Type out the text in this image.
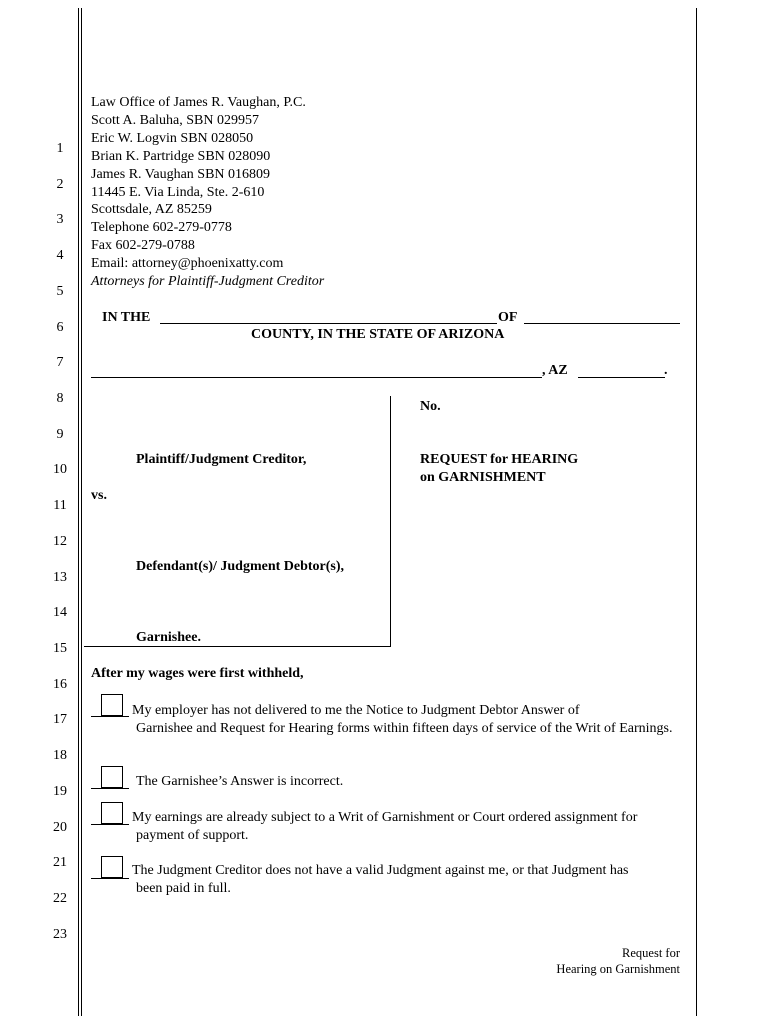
1
2
3
4
5
6
7
8
9
10
11
12
13
14
15
16
17
18
19
20
21
22
23
Law Office of James R. Vaughan, P.C.
Scott A. Baluha, SBN 029957
Eric W. Logvin SBN 028050
Brian K. Partridge SBN 028090
James R. Vaughan SBN 016809
11445 E. Via Linda, Ste. 2-610
Scottsdale, AZ 85259
Telephone 602-279-0778
Fax 602-279-0788
Email: attorney@phoenixatty.com
Attorneys for Plaintiff-Judgment Creditor
IN THE	OF
COUNTY, IN THE STATE OF ARIZONA
, AZ	.
No.
REQUEST for HEARING
on GARNISHMENT
Plaintiff/Judgment Creditor,
vs.
Defendant(s)/ Judgment Debtor(s),
Garnishee.
After my wages were first withheld,
My employer has not delivered to me the Notice to Judgment Debtor Answer of
Garnishee and Request for Hearing forms within fifteen days of service of the Writ of Earnings.
The Garnishee’s Answer is incorrect.
My earnings are already subject to a Writ of Garnishment or Court ordered assignment for
payment of support.
The Judgment Creditor does not have a valid Judgment against me, or that Judgment has
been paid in full.
Request for
Hearing on Garnishment
